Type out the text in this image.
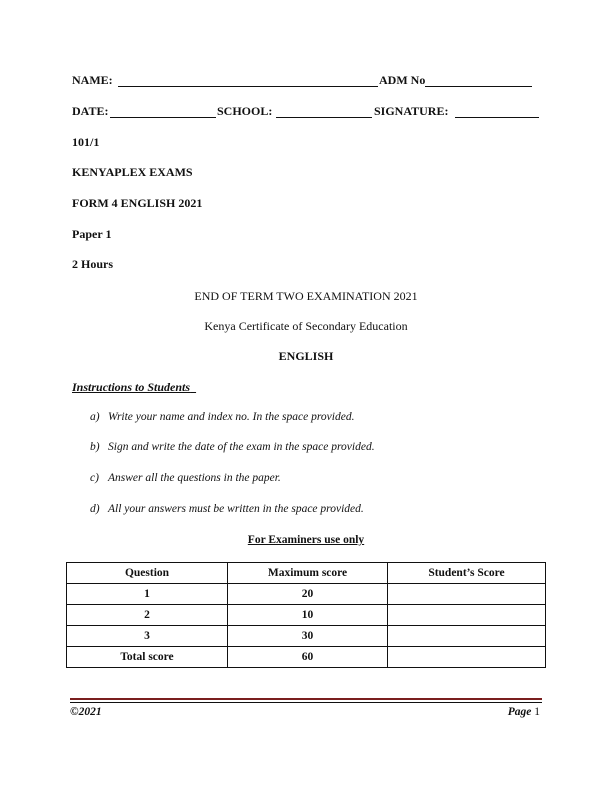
NAME:	ADM No
DATE:	SCHOOL:	SIGNATURE:
101/1
KENYAPLEX EXAMS
FORM 4 ENGLISH 2021
Paper 1
2 Hours
END OF TERM TWO EXAMINATION 2021
Kenya Certificate of Secondary Education
ENGLISH
Instructions to Students
a) Write your name and index no. In the space provided.
b) Sign and write the date of the exam in the space provided.
c) Answer all the questions in the paper.
d) All your answers must be written in the space provided.
For Examiners use only
Question	Maximum score	Student’s Score
1	20	
2	10	
3	30	
Total score	60	
©2021	Page 1
